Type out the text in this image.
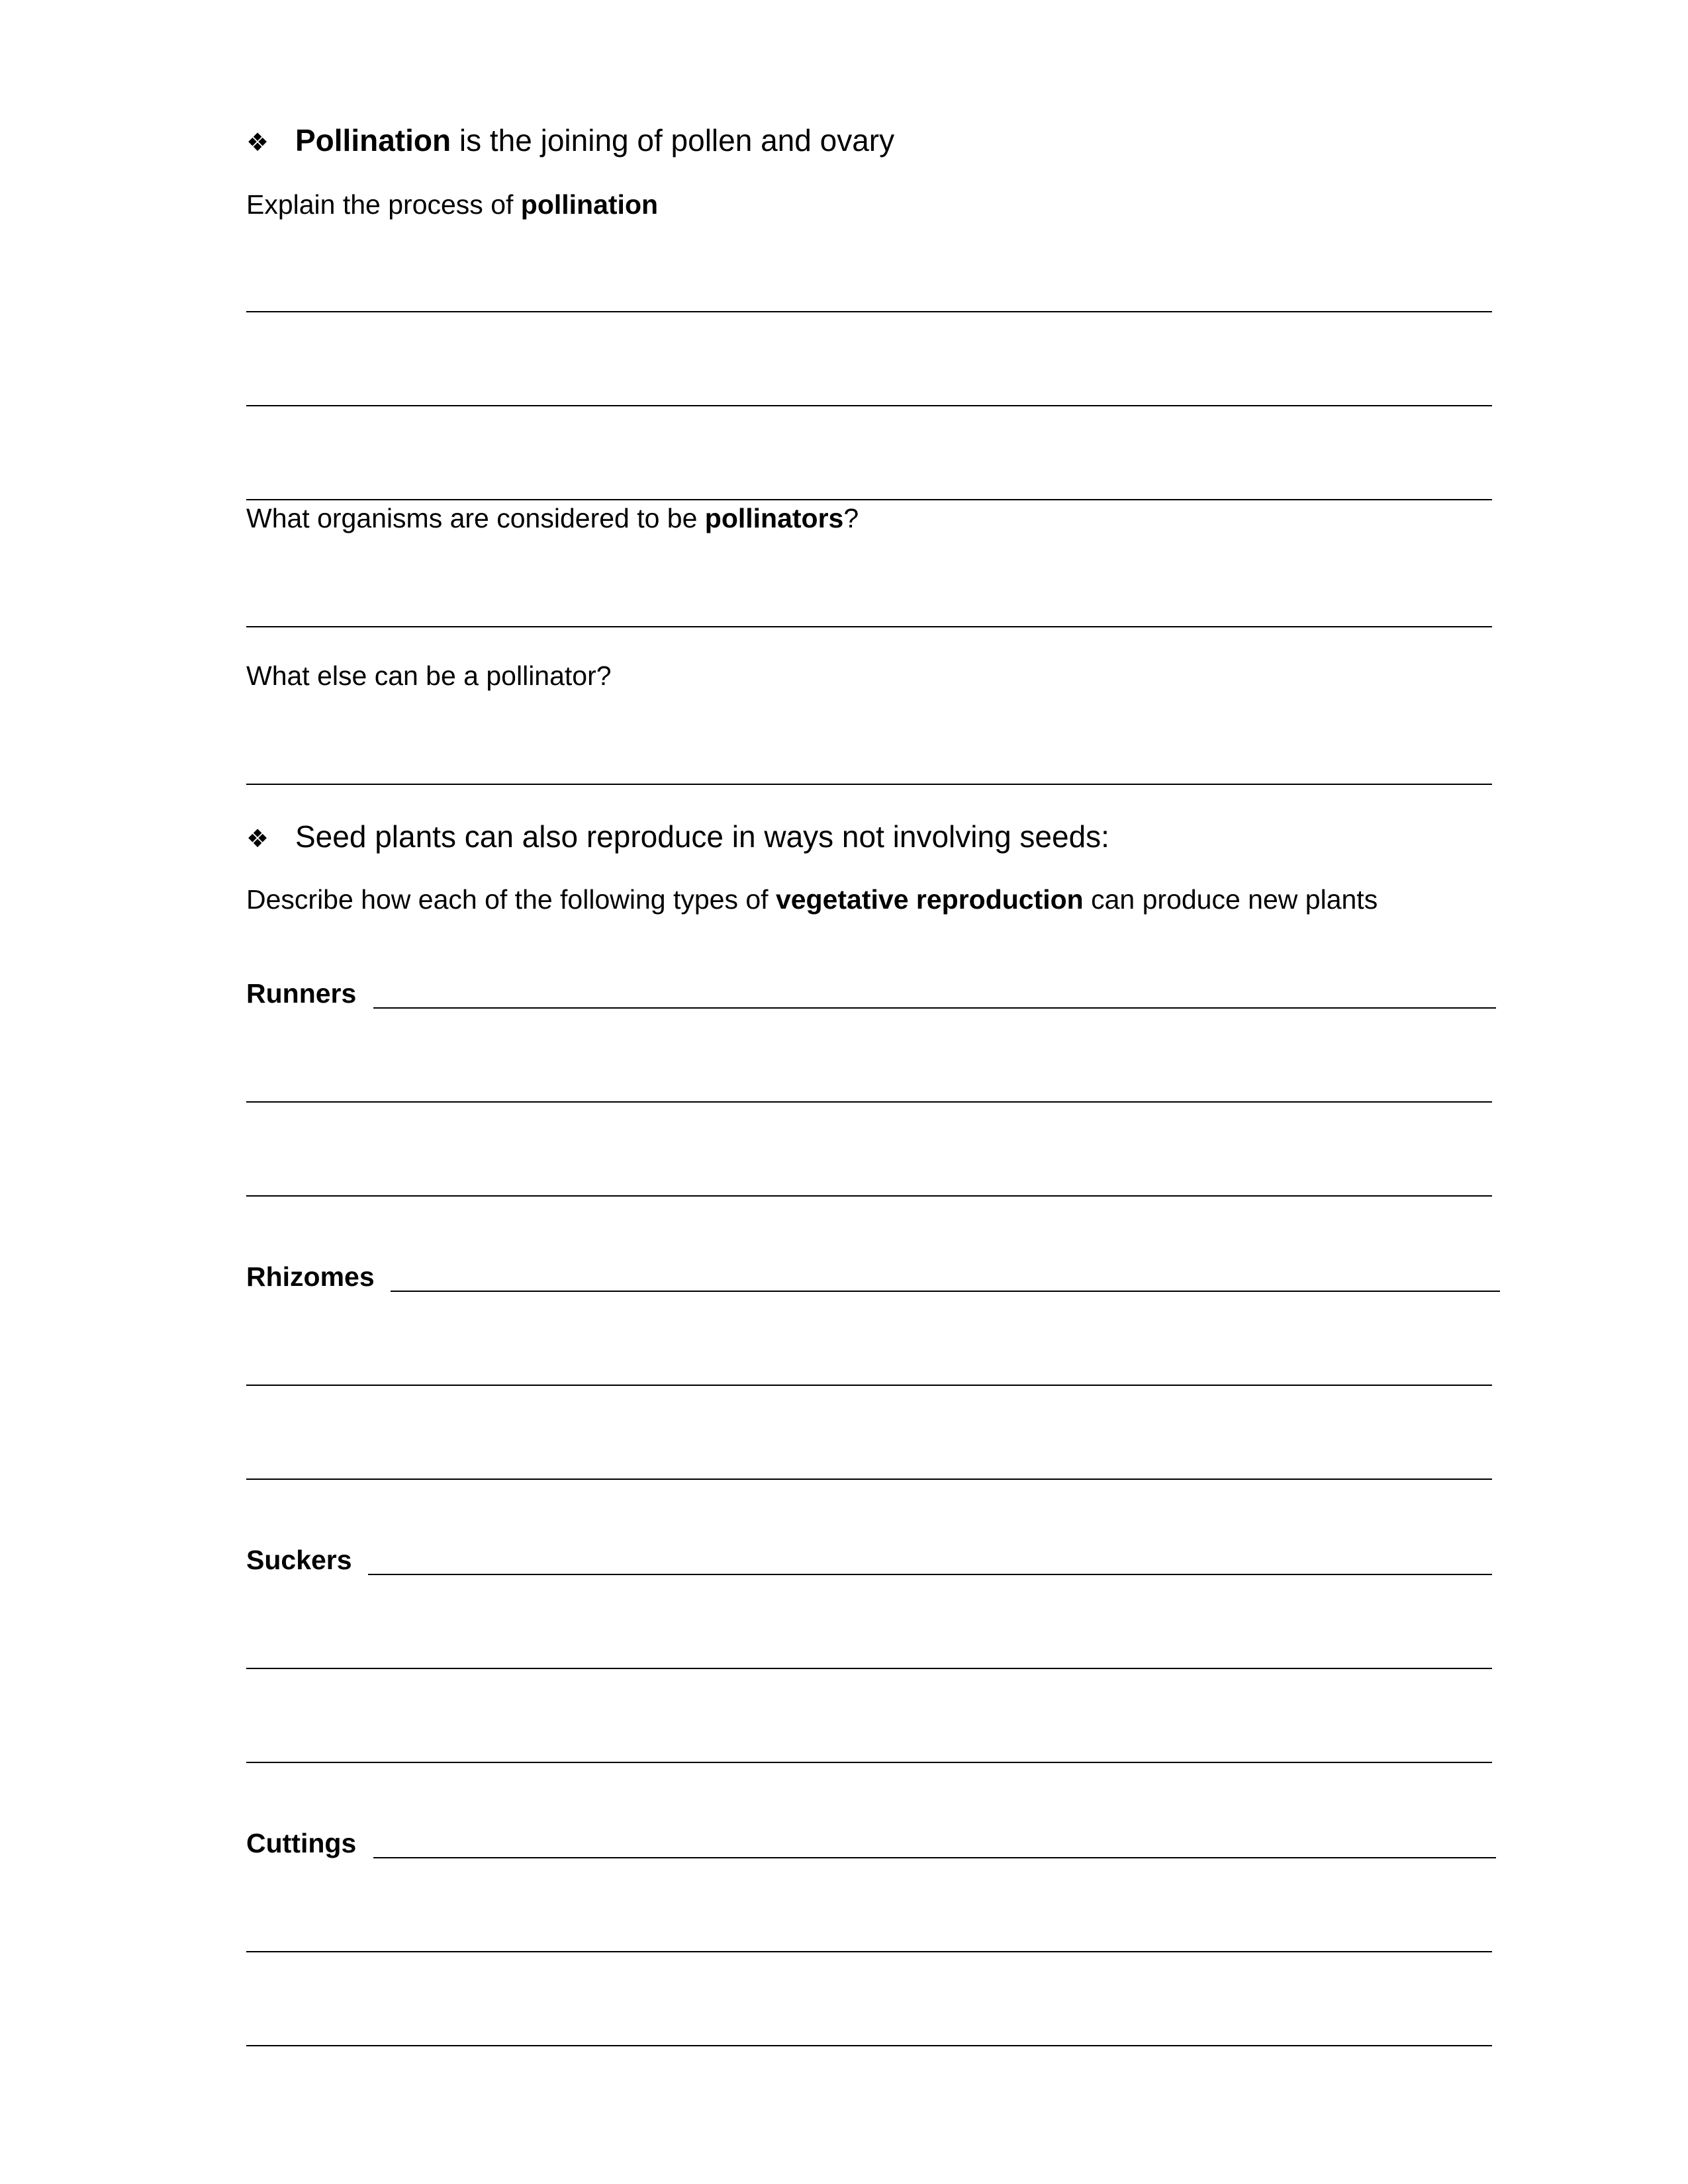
❖ Pollination is the joining of pollen and ovary
Explain the process of pollination
What organisms are considered to be pollinators?
What else can be a pollinator?
❖ Seed plants can also reproduce in ways not involving seeds:
Describe how each of the following types of vegetative reproduction can produce new plants
Runners
Rhizomes
Suckers
Cuttings
